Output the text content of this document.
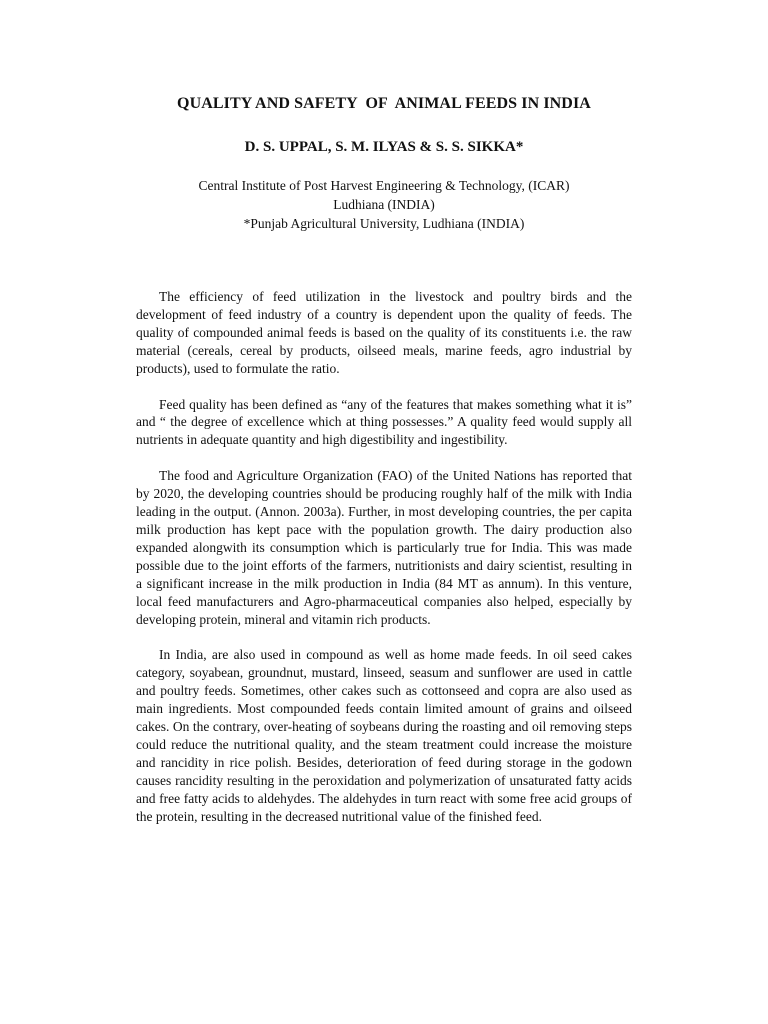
QUALITY AND SAFETY  OF  ANIMAL FEEDS IN INDIA
D. S. UPPAL, S. M. ILYAS & S. S. SIKKA*
Central Institute of Post Harvest Engineering & Technology, (ICAR)
Ludhiana (INDIA)
*Punjab Agricultural University, Ludhiana (INDIA)

The efficiency of feed utilization in the livestock and poultry birds and the development of feed industry of a country is dependent upon the quality of feeds. The quality of compounded animal feeds is based on the quality of its constituents i.e. the raw material (cereals, cereal by products, oilseed meals, marine feeds, agro industrial by products), used to formulate the ratio.

Feed quality has been defined as “any of the features that makes something what it is” and “ the degree of excellence which at thing possesses.” A quality feed would supply all nutrients in adequate quantity and high digestibility and ingestibility.

The food and Agriculture Organization (FAO) of the United Nations has reported that by 2020, the developing countries should be producing roughly half of the milk with India leading in the output. (Annon. 2003a). Further, in most developing countries, the per capita milk production has kept pace with the population growth. The dairy production also expanded alongwith its consumption which is particularly true for India. This was made possible due to the joint efforts of the farmers, nutritionists and dairy scientist, resulting in a significant increase in the milk production in India (84 MT as annum). In this venture, local feed manufacturers and Agro-pharmaceutical companies also helped, especially by developing protein, mineral and vitamin rich products.

In India, are also used in compound as well as home made feeds. In oil seed cakes category, soyabean, groundnut, mustard, linseed, seasum and sunflower are used in cattle and poultry feeds. Sometimes, other cakes such as cottonseed and copra are also used as main ingredients. Most compounded feeds contain limited amount of grains and oilseed cakes. On the contrary, over-heating of soybeans during the roasting and oil removing steps could reduce the nutritional quality, and the steam treatment could increase the moisture and rancidity in rice polish. Besides, deterioration of feed during storage in the godown causes rancidity resulting in the peroxidation and polymerization of unsaturated fatty acids and free fatty acids to aldehydes. The aldehydes in turn react with some free acid groups of the protein, resulting in the decreased nutritional value of the finished feed.
